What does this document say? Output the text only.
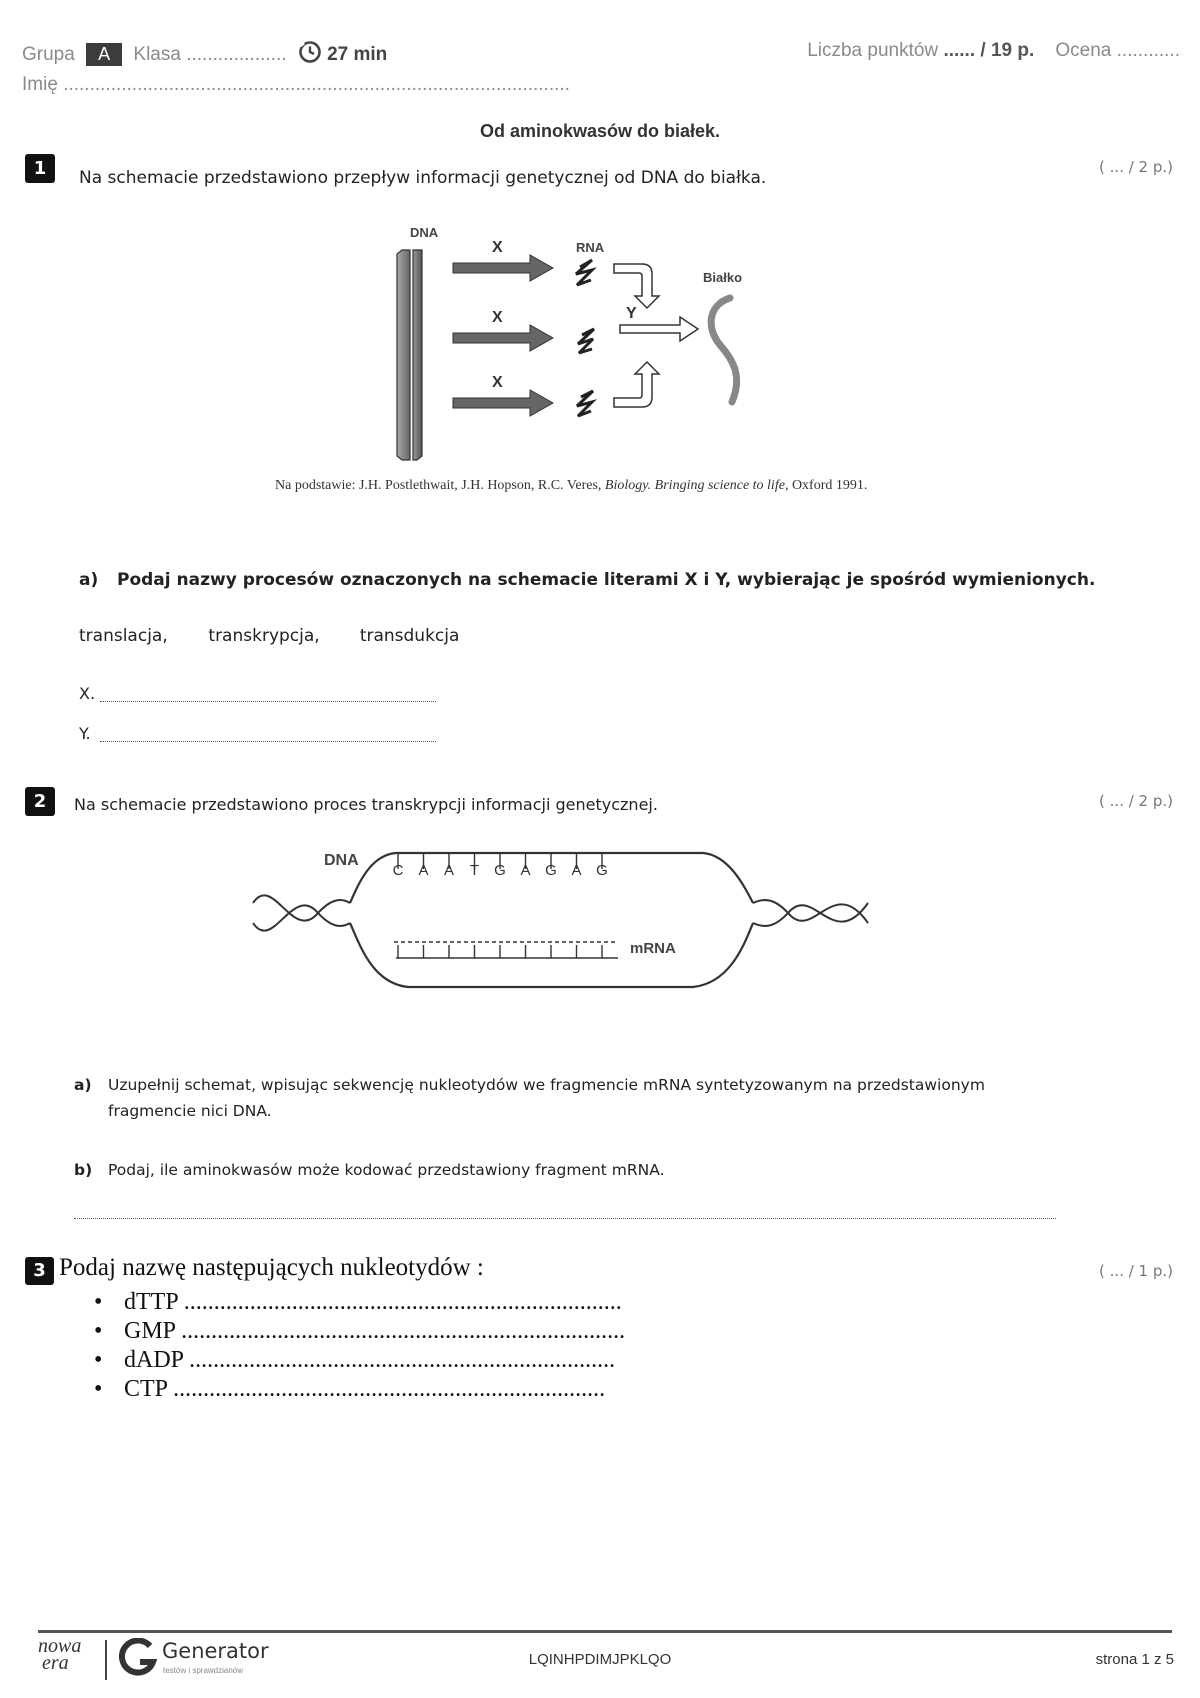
Grupa A Klasa ................... 27 min	Liczba punktów ...... / 19 p. Ocena ............
Imię ................................................................................................
Od aminokwasów do białek.
1	Na schemacie przedstawiono przepływ informacji genetycznej od DNA do białka.
( ... / 2 p.)
DNA
X
X
X
RNA
Y
Białko
Na podstawie: J.H. Postlethwait, J.H. Hopson, R.C. Veres, Biology. Bringing science to life, Oxford 1991.
a) Podaj nazwy procesów oznaczonych na schemacie literami X i Y, wybierając je spośród wymienionych.
translacja, transkrypcja, transdukcja
X.
Y.
2	Na schemacie przedstawiono proces transkrypcji informacji genetycznej.	( ... / 2 p.)
DNA
C A A T G A G A G
mRNA
a) Uzupełnij schemat, wpisując sekwencję nukleotydów we fragmencie mRNA syntetyzowanym na przedstawionym
fragmencie nici DNA.
b) Podaj, ile aminokwasów może kodować przedstawiony fragment mRNA.
3 Podaj nazwę następujących nukleotydów :	( ... / 1 p.)
• dTTP .........................................................................
• GMP ..........................................................................
• dADP .......................................................................
• CTP ........................................................................
nowa
era	Generator
testów i sprawdzianów
LQINHPDIMJPKLQO	strona 1 z 5
